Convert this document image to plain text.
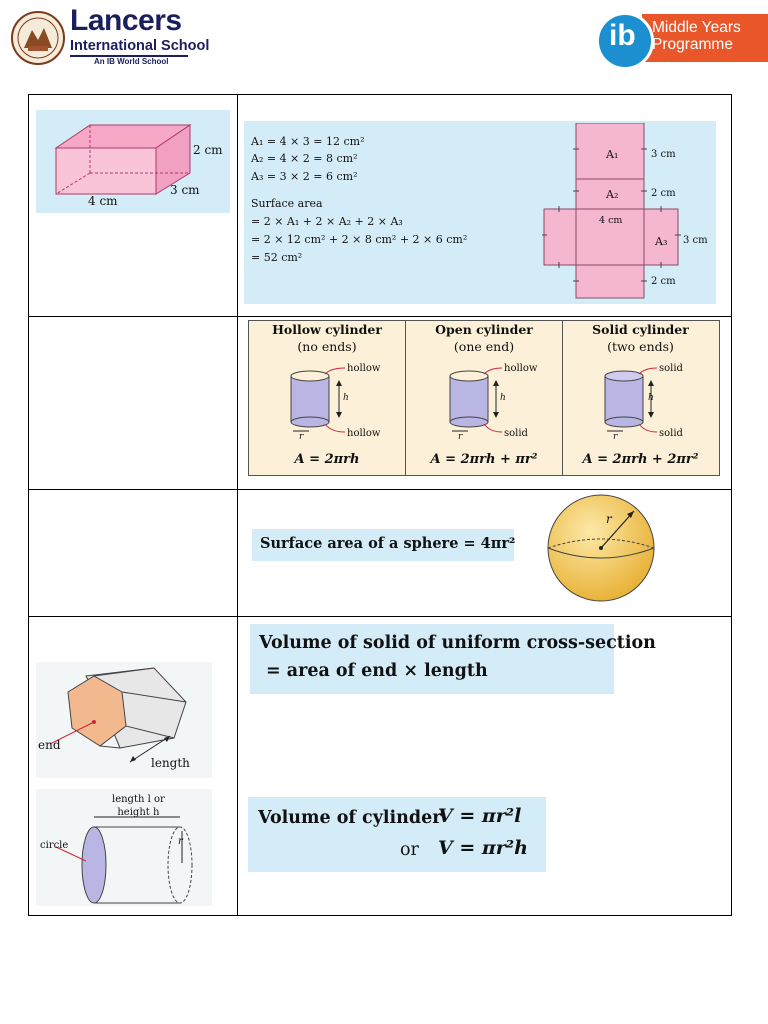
Lancers
International School
An IB World School
ib Middle Years
Programme
2 cm
3 cm
4 cm
A₁ = 4 × 3 = 12 cm²
A₂ = 4 × 2 = 8 cm²
A₃ = 3 × 2 = 6 cm²
Surface area
= 2 × A₁ + 2 × A₂ + 2 × A₃
= 2 × 12 cm² + 2 × 8 cm² + 2 × 6 cm²
= 52 cm²
A₁
A₂
A₃
4 cm
3 cm
2 cm
3 cm
2 cm
Hollow cylinder
(no ends)
hollow
hollow
h
r
A = 2πrh
Open cylinder
(one end)
hollow
solid
h
r
A = 2πrh + πr²
Solid cylinder
(two ends)
solid
solid
h
r
A = 2πrh + 2πr²
Surface area of a sphere = 4πr²
r
end
length
length l or
height h
circle	r
Volume of solid of uniform cross-section
= area of end × length
Volume of cylinder
V = πr²l
or V = πr²h
